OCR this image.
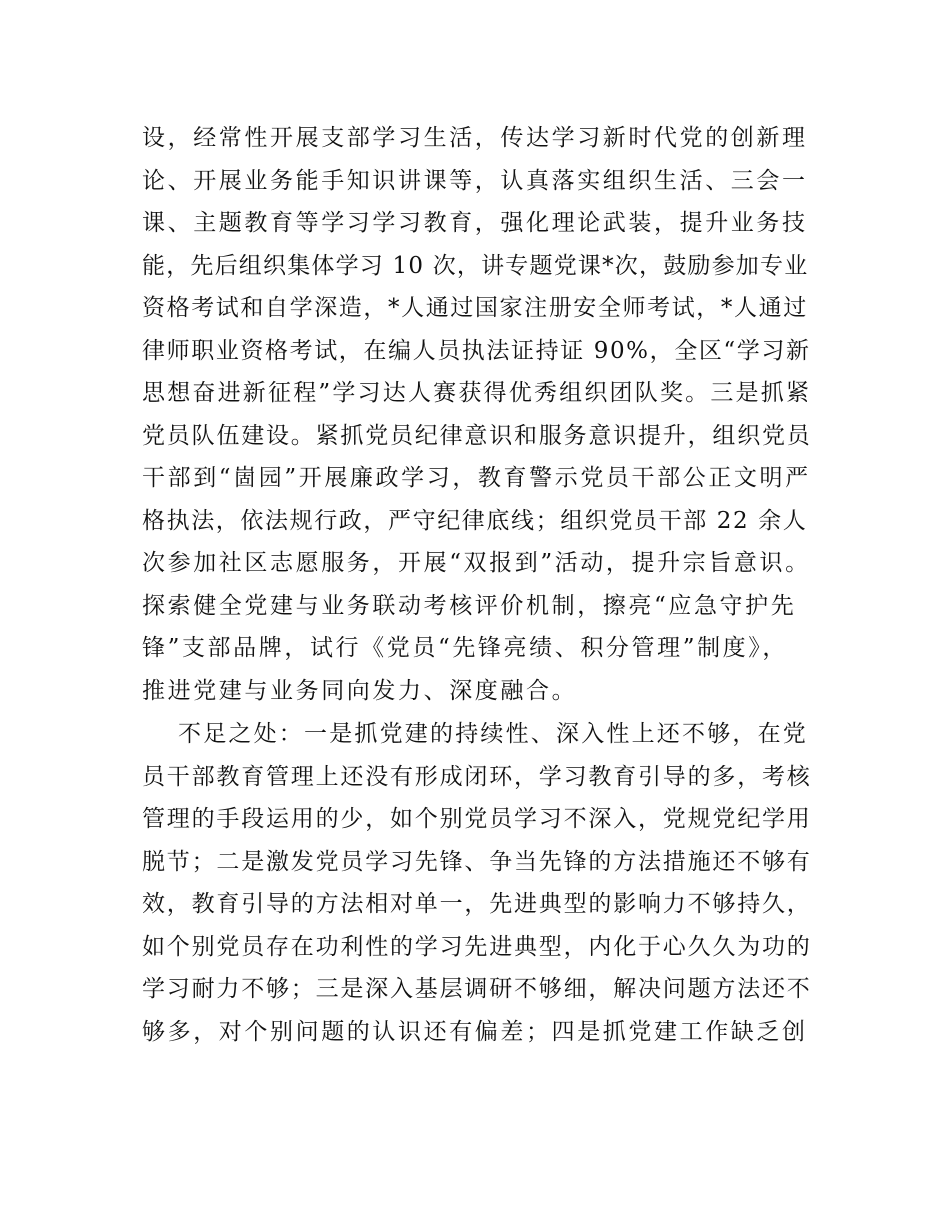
设，经常性开展支部学习生活，传达学习新时代党的创新理
论、开展业务能手知识讲课等，认真落实组织生活、三会一
课、主题教育等学习学习教育，强化理论武装，提升业务技
能，先后组织集体学习 10 次，讲专题党课*次，鼓励参加专业
资格考试和自学深造，*人通过国家注册安全师考试，*人通过
律师职业资格考试，在编人员执法证持证 90%，全区“学习新
思想奋进新征程”学习达人赛获得优秀组织团队奖。三是抓紧
党员队伍建设。紧抓党员纪律意识和服务意识提升，组织党员
干部到“崮园”开展廉政学习，教育警示党员干部公正文明严
格执法，依法规行政，严守纪律底线；组织党员干部 22 余人
次参加社区志愿服务，开展“双报到”活动，提升宗旨意识。
探索健全党建与业务联动考核评价机制，擦亮“应急守护先
锋”支部品牌，试行《党员“先锋亮绩、积分管理”制度》，
推进党建与业务同向发力、深度融合。
不足之处：一是抓党建的持续性、深入性上还不够，在党
员干部教育管理上还没有形成闭环，学习教育引导的多，考核
管理的手段运用的少，如个别党员学习不深入，党规党纪学用
脱节；二是激发党员学习先锋、争当先锋的方法措施还不够有
效，教育引导的方法相对单一，先进典型的影响力不够持久，
如个别党员存在功利性的学习先进典型，内化于心久久为功的
学习耐力不够；三是深入基层调研不够细，解决问题方法还不
够多，对个别问题的认识还有偏差；四是抓党建工作缺乏创
